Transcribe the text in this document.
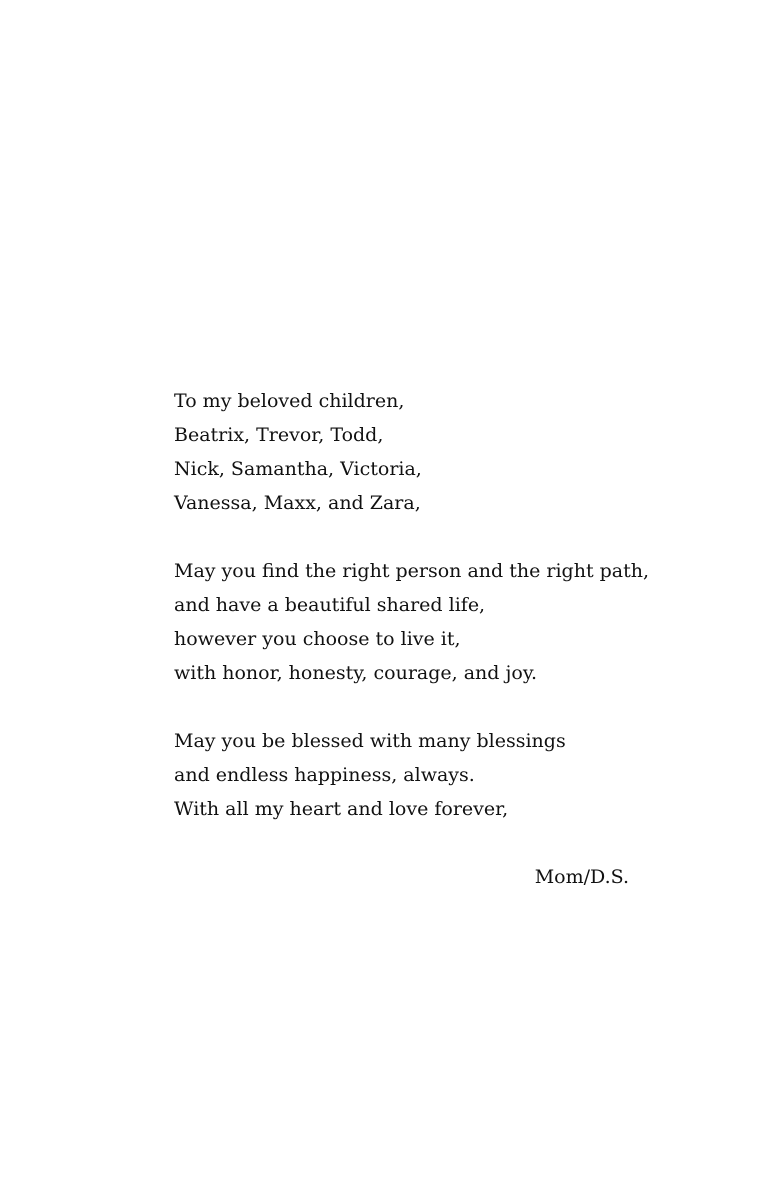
To my beloved children,
Beatrix, Trevor, Todd,
Nick, Samantha, Victoria,
Vanessa, Maxx, and Zara,
May you find the right person and the right path,
and have a beautiful shared life,
however you choose to live it,
with honor, honesty, courage, and joy.
May you be blessed with many blessings
and endless happiness, always.
With all my heart and love forever,
Mom/D.S.
